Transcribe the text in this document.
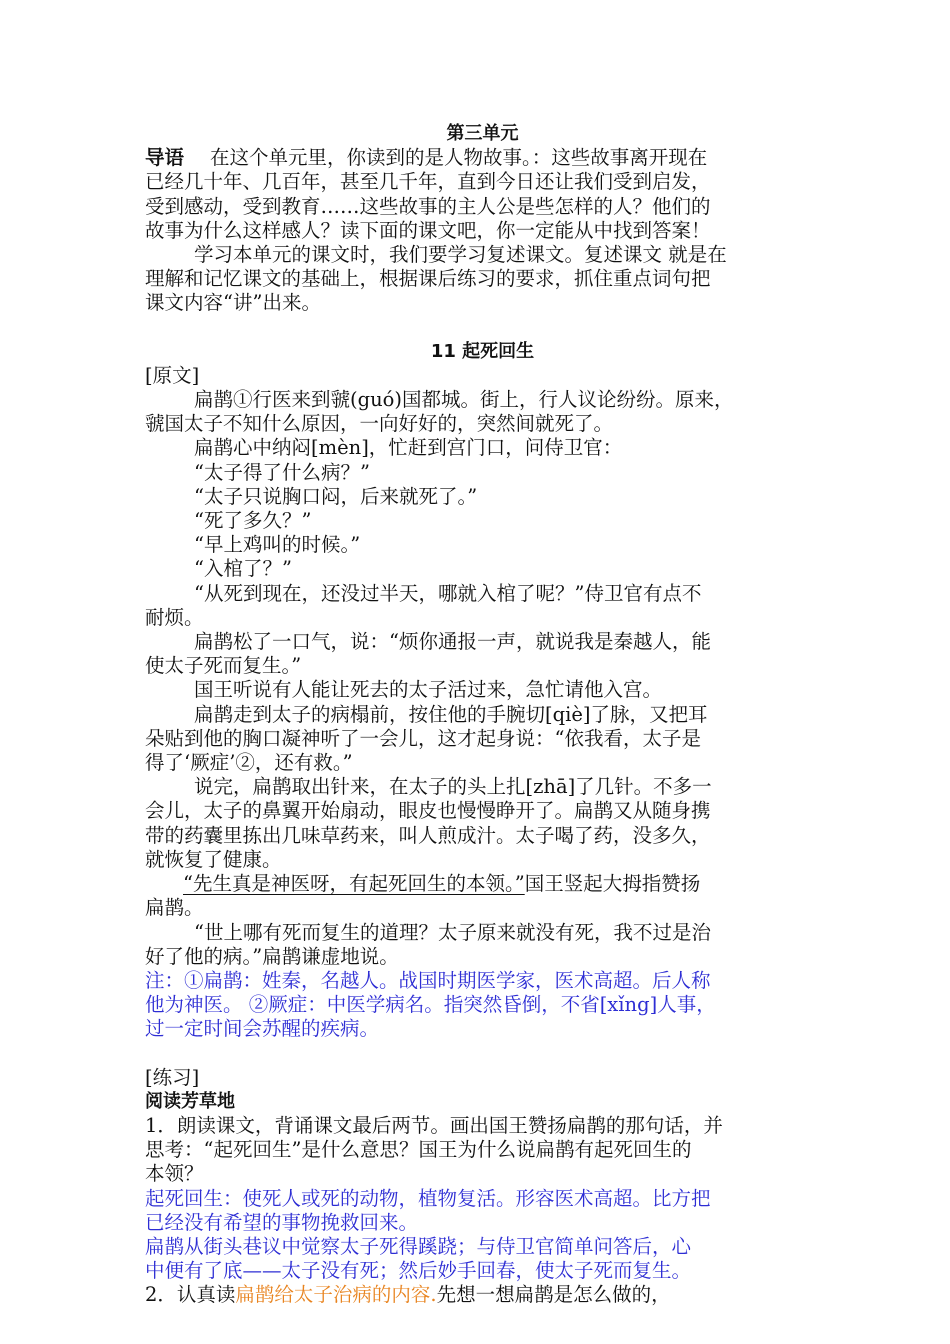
第三单元
导语 在这个单元里，你读到的是人物故事。：这些故事离开现在
已经几十年、几百年，甚至几千年，直到今日还让我们受到启发，
受到感动，受到教育……这些故事的主人公是些怎样的人？他们的
故事为什么这样感人？读下面的课文吧，你一定能从中找到答案！
学习本单元的课文时，我们要学习复述课文。复述课文 就是在
理解和记忆课文的基础上，根据课后练习的要求，抓住重点词句把
课文内容“讲”出来。
11 起死回生
[原文]
扁鹊①行医来到虢(guó)国都城。街上，行人议论纷纷。原来，
虢国太子不知什么原因，一向好好的，突然间就死了。
扁鹊心中纳闷[mèn]，忙赶到宫门口，问侍卫官：
“太子得了什么病？”
“太子只说胸口闷，后来就死了。”
“死了多久？”
“早上鸡叫的时候。”
“入棺了？”
“从死到现在，还没过半天，哪就入棺了呢？”侍卫官有点不
耐烦。
扁鹊松了一口气，说：“烦你通报一声，就说我是秦越人，能
使太子死而复生。”
国王听说有人能让死去的太子活过来，急忙请他入宫。
扁鹊走到太子的病榻前，按住他的手腕切[qiè]了脉，又把耳
朵贴到他的胸口凝神听了一会儿，这才起身说：“依我看，太子是
得了‘厥症’②，还有救。”
说完，扁鹊取出针来，在太子的头上扎[zhā]了几针。不多一
会儿，太子的鼻翼开始扇动，眼皮也慢慢睁开了。扁鹊又从随身携
带的药囊里拣出几味草药来，叫人煎成汁。太子喝了药，没多久，
就恢复了健康。
“先生真是神医呀，有起死回生的本领。”国王竖起大拇指赞扬
扁鹊。
“世上哪有死而复生的道理？太子原来就没有死，我不过是治
好了他的病。”扁鹊谦虚地说。
注：①扁鹊：姓秦，名越人。战国时期医学家，医术高超。后人称
他为神医。 ②厥症：中医学病名。指突然昏倒，不省[xǐng]人事，
过一定时间会苏醒的疾病。
[练习]
阅读芳草地
1．朗读课文，背诵课文最后两节。画出国王赞扬扁鹊的那句话，并
思考：“起死回生”是什么意思？国王为什么说扁鹊有起死回生的
本领？
起死回生：使死人或死的动物，植物复活。形容医术高超。比方把
已经没有希望的事物挽救回来。
扁鹊从街头巷议中觉察太子死得蹊跷；与侍卫官简单问答后，心
中便有了底——太子没有死；然后妙手回春，使太子死而复生。
2．认真读扁鹊给太子治病的内容.先想一想扁鹊是怎么做的，
